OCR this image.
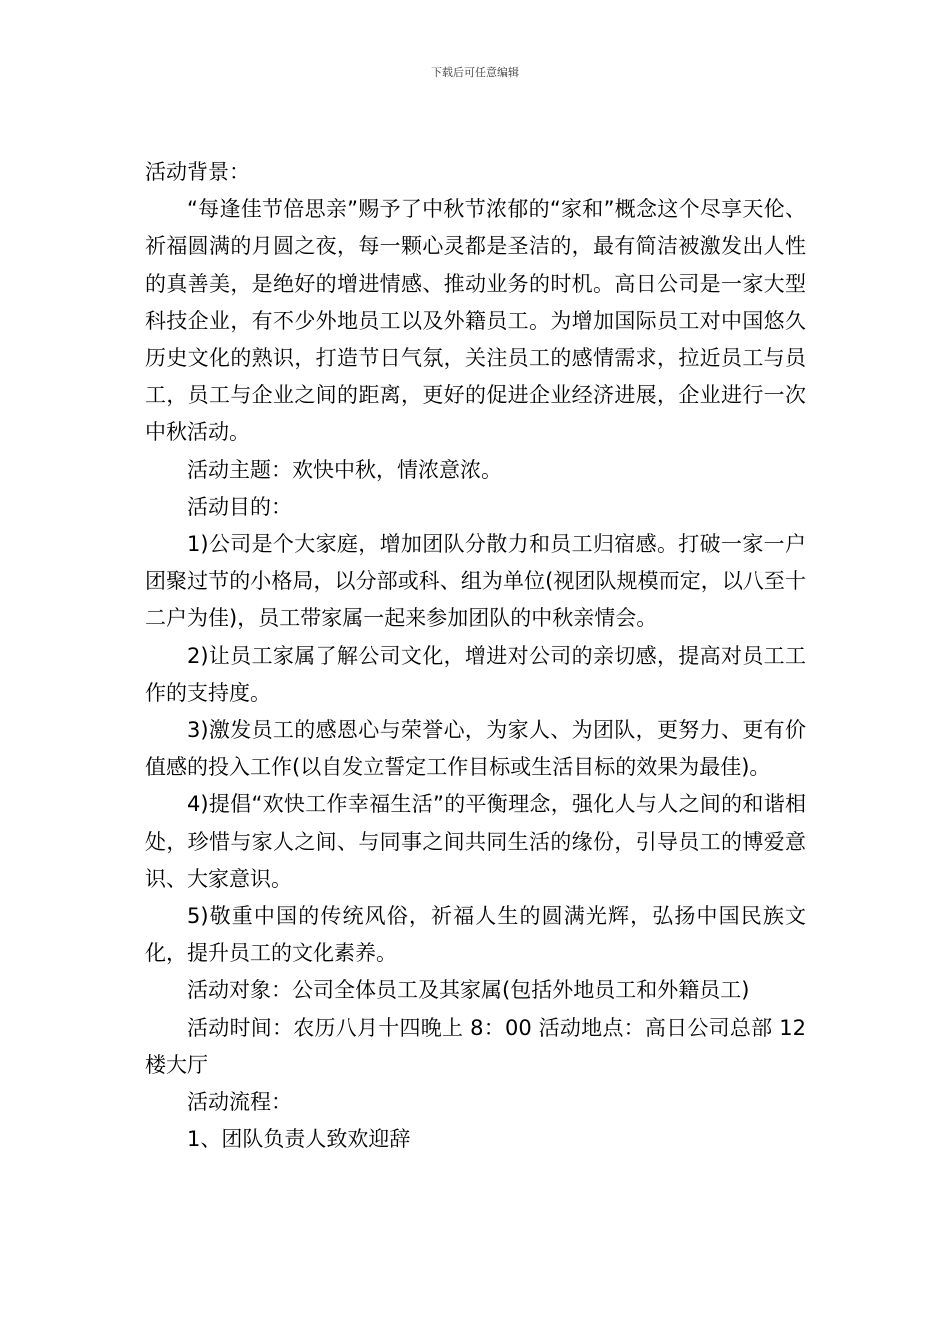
下载后可任意编辑

活动背景：

“每逢佳节倍思亲”赐予了中秋节浓郁的“家和”概念这个尽享天伦、祈福圆满的月圆之夜，每一颗心灵都是圣洁的，最有简洁被激发出人性的真善美，是绝好的增进情感、推动业务的时机。高日公司是一家大型科技企业，有不少外地员工以及外籍员工。为增加国际员工对中国悠久历史文化的熟识，打造节日气氛，关注员工的感情需求，拉近员工与员工，员工与企业之间的距离，更好的促进企业经济进展，企业进行一次中秋活动。

活动主题：欢快中秋，情浓意浓。

活动目的：

1)公司是个大家庭，增加团队分散力和员工归宿感。打破一家一户团聚过节的小格局，以分部或科、组为单位(视团队规模而定，以八至十二户为佳)，员工带家属一起来参加团队的中秋亲情会。

2)让员工家属了解公司文化，增进对公司的亲切感，提高对员工工作的支持度。

3)激发员工的感恩心与荣誉心，为家人、为团队，更努力、更有价值感的投入工作(以自发立誓定工作目标或生活目标的效果为最佳)。

4)提倡“欢快工作幸福生活”的平衡理念，强化人与人之间的和谐相处，珍惜与家人之间、与同事之间共同生活的缘份，引导员工的博爱意识、大家意识。

5)敬重中国的传统风俗，祈福人生的圆满光辉，弘扬中国民族文化，提升员工的文化素养。

活动对象：公司全体员工及其家属(包括外地员工和外籍员工)

活动时间：农历八月十四晚上 8：00 活动地点：高日公司总部 12 楼大厅

活动流程：

1、团队负责人致欢迎辞
